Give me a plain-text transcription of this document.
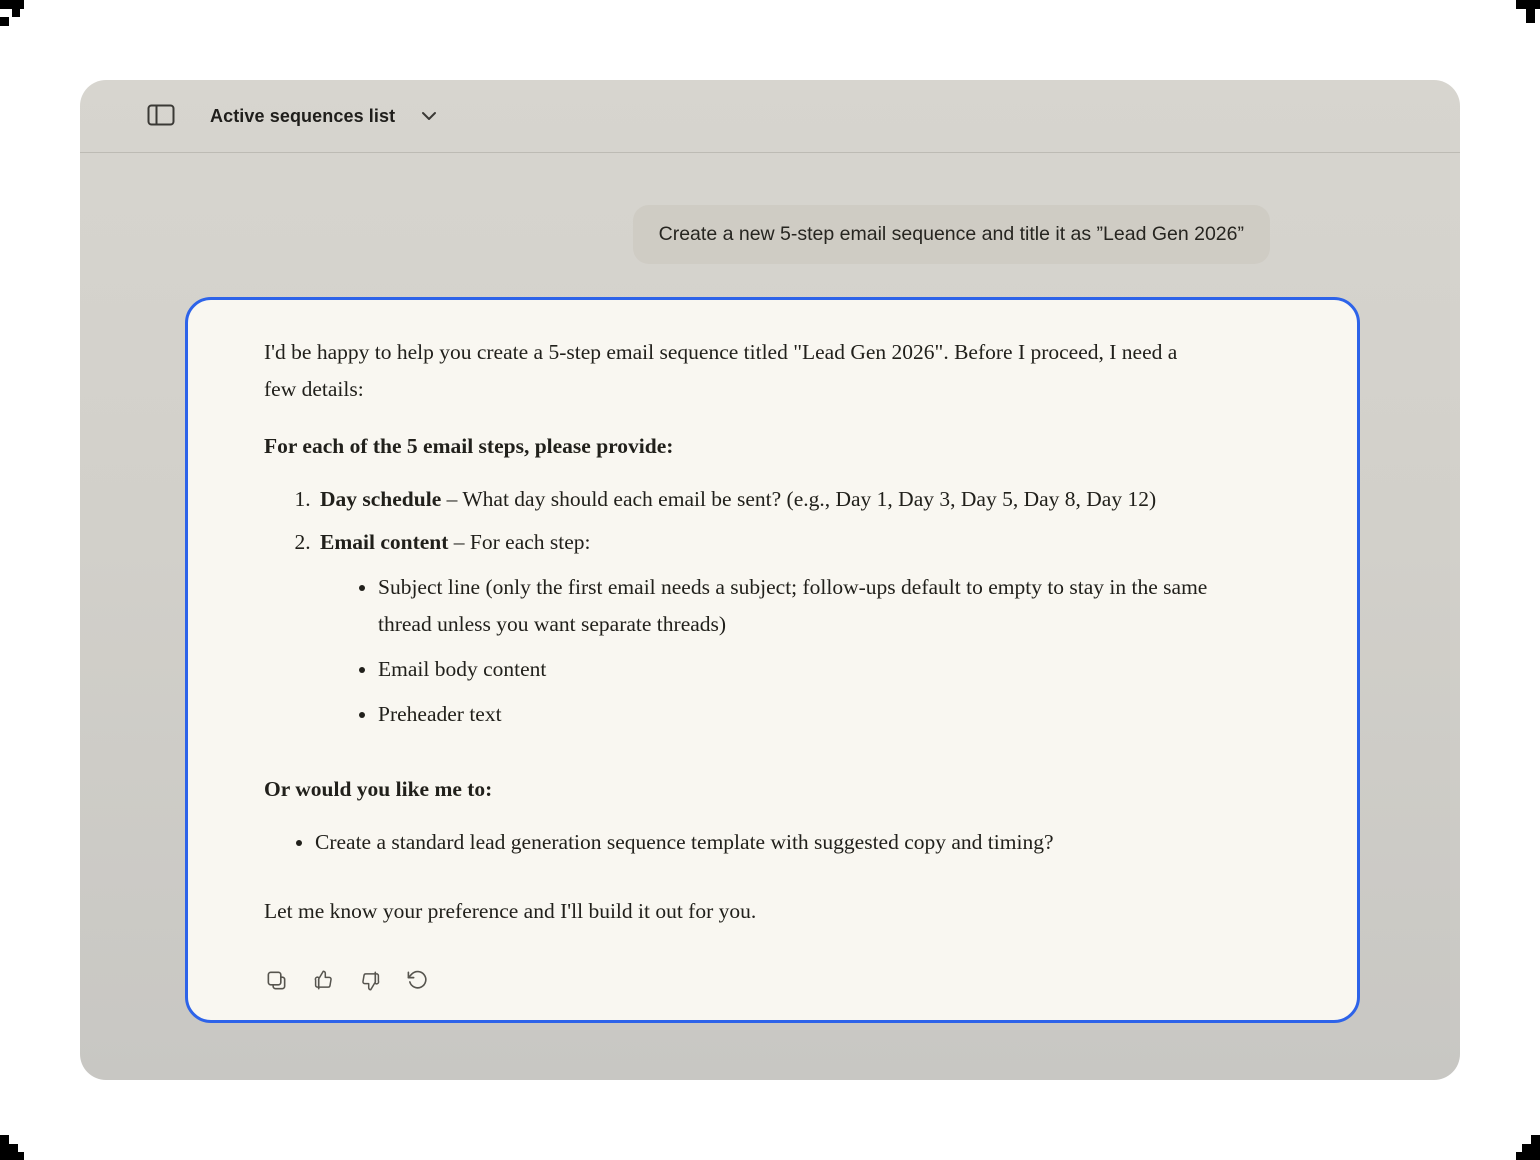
Active sequences list
Create a new 5-step email sequence and title it as ”Lead Gen 2026”

I'd be happy to help you create a 5-step email sequence titled "Lead Gen 2026". Before I proceed, I need a few details:

For each of the 5 email steps, please provide:

1. Day schedule – What day should each email be sent? (e.g., Day 1, Day 3, Day 5, Day 8, Day 12)
2. Email content – For each step:
• Subject line (only the first email needs a subject; follow-ups default to empty to stay in the same thread unless you want separate threads)
• Email body content
• Preheader text

Or would you like me to:

• Create a standard lead generation sequence template with suggested copy and timing?

Let me know your preference and I'll build it out for you.
